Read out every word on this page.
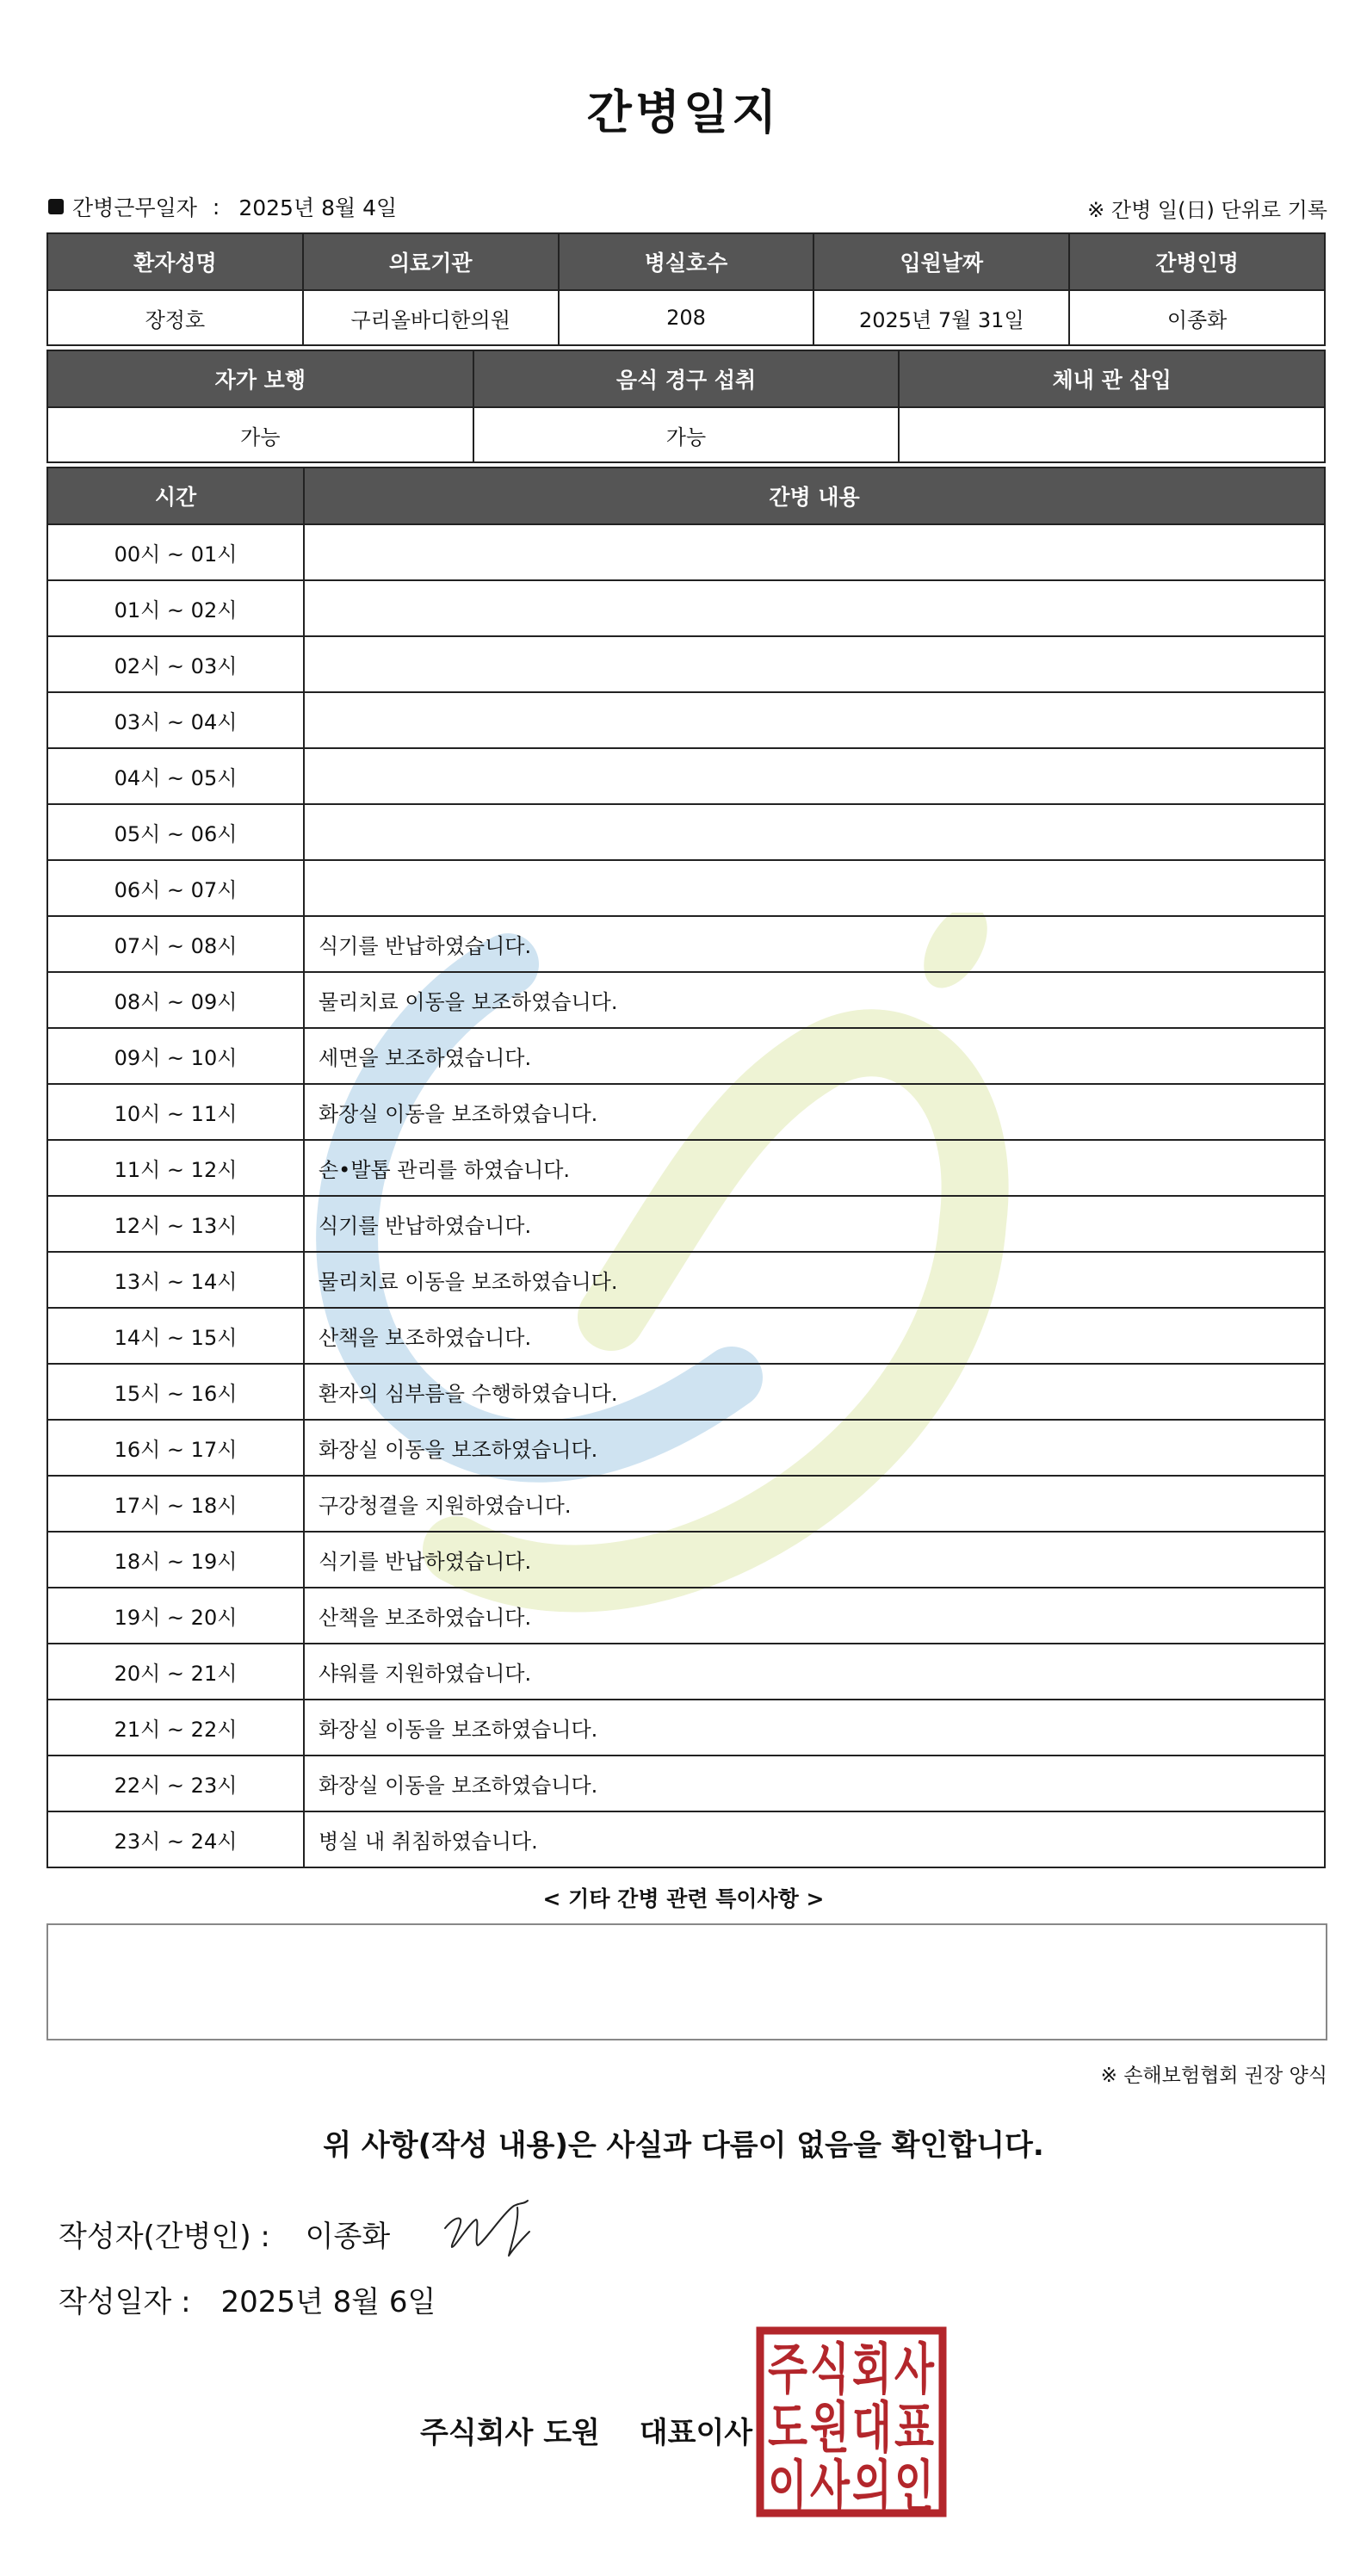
간병일지
간병근무일자 : 2025년 8월 4일	※ 간병 일(日) 단위로 기록
환자성명	의료기관	병실호수	입원날짜	간병인명
장정호	구리올바디한의원	208	2025년 7월 31일	이종화
자가 보행	음식 경구 섭취	체내 관 삽입
가능	가능	
시간	간병 내용
00시 ~ 01시	
01시 ~ 02시	
02시 ~ 03시	
03시 ~ 04시	
04시 ~ 05시	
05시 ~ 06시	
06시 ~ 07시	
07시 ~ 08시	식기를 반납하였습니다.
08시 ~ 09시	물리치료 이동을 보조하였습니다.
09시 ~ 10시	세면을 보조하였습니다.
10시 ~ 11시	화장실 이동을 보조하였습니다.
11시 ~ 12시	손•발톱 관리를 하였습니다.
12시 ~ 13시	식기를 반납하였습니다.
13시 ~ 14시	물리치료 이동을 보조하였습니다.
14시 ~ 15시	산책을 보조하였습니다.
15시 ~ 16시	환자의 심부름을 수행하였습니다.
16시 ~ 17시	화장실 이동을 보조하였습니다.
17시 ~ 18시	구강청결을 지원하였습니다.
18시 ~ 19시	식기를 반납하였습니다.
19시 ~ 20시	산책을 보조하였습니다.
20시 ~ 21시	샤워를 지원하였습니다.
21시 ~ 22시	화장실 이동을 보조하였습니다.
22시 ~ 23시	화장실 이동을 보조하였습니다.
23시 ~ 24시	병실 내 취침하였습니다.
< 기타 간병 관련 특이사항 >
※ 손해보험협회 권장 양식
위 사항(작성 내용)은 사실과 다름이 없음을 확인합니다.
작성자(간병인) : 이종화
작성일자 : 2025년 8월 6일
주식회사 도원 대표이사
주 식 회 사
도 원 대 표
이 사 의 인
